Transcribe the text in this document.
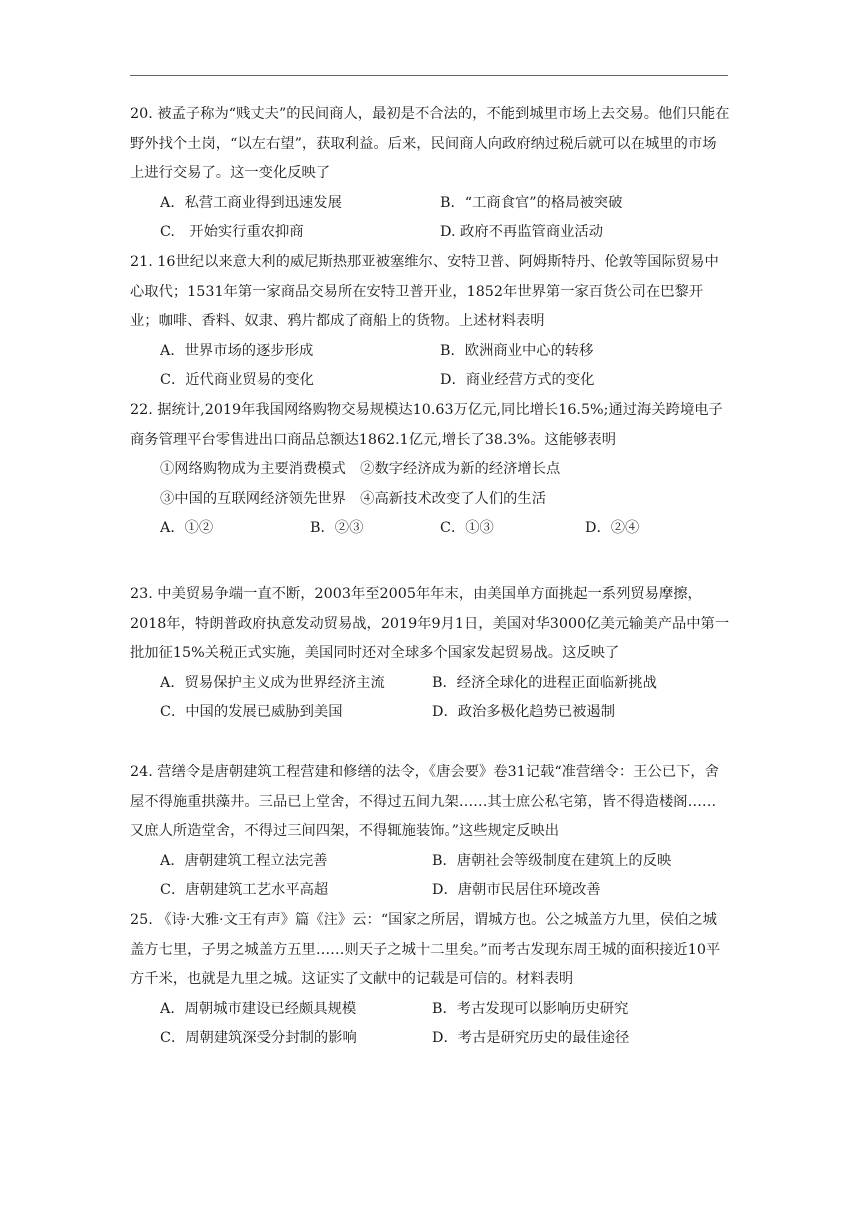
20. 被孟子称为“贱丈夫”的民间商人，最初是不合法的，不能到城里市场上去交易。他们只能在野外找个土岗，“以左右望”，获取利益。后来，民间商人向政府纳过税后就可以在城里的市场上进行交易了。这一变化反映了
A．私营工商业得到迅速发展	B．“工商食官”的格局被突破
C.　开始实行重农抑商	D. 政府不再监管商业活动
21. 16世纪以来意大利的威尼斯热那亚被塞维尔、安特卫普、阿姆斯特丹、伦敦等国际贸易中心取代；1531年第一家商品交易所在安特卫普开业，1852年世界第一家百货公司在巴黎开业；咖啡、香料、奴隶、鸦片都成了商船上的货物。上述材料表明
A．世界市场的逐步形成	B．欧洲商业中心的转移
C．近代商业贸易的变化	D．商业经营方式的变化
22. 据统计,2019年我国网络购物交易规模达10.63万亿元,同比增长16.5%;通过海关跨境电子商务管理平台零售进出口商品总额达1862.1亿元,增长了38.3%。这能够表明
①网络购物成为主要消费模式　②数字经济成为新的经济增长点
③中国的互联网经济领先世界　④高新技术改变了人们的生活
A．①②	B．②③	C．①③	D．②④
23. 中美贸易争端一直不断，2003年至2005年年末，由美国单方面挑起一系列贸易摩擦，2018年，特朗普政府执意发动贸易战，2019年9月1日，美国对华3000亿美元输美产品中第一批加征15%关税正式实施，美国同时还对全球多个国家发起贸易战。这反映了
A．贸易保护主义成为世界经济主流	B．经济全球化的进程正面临新挑战
C．中国的发展已威胁到美国	D．政治多极化趋势已被遏制
24. 营缮令是唐朝建筑工程营建和修缮的法令，《唐会要》卷31记载“准营缮令：王公已下，舍屋不得施重拱藻井。三品已上堂舍，不得过五间九架……其士庶公私宅第，皆不得造楼阁……又庶人所造堂舍，不得过三间四架，不得辄施装饰。”这些规定反映出
A．唐朝建筑工程立法完善	B．唐朝社会等级制度在建筑上的反映
C．唐朝建筑工艺水平高超	D．唐朝市民居住环境改善
25. 《诗·大雅·文王有声》篇《注》云：“国家之所居，谓城方也。公之城盖方九里，侯伯之城盖方七里，子男之城盖方五里……则天子之城十二里矣。”而考古发现东周王城的面积接近10平方千米，也就是九里之城。这证实了文献中的记载是可信的。材料表明
A．周朝城市建设已经颇具规模	B．考古发现可以影响历史研究
C．周朝建筑深受分封制的影响	D．考古是研究历史的最佳途径
